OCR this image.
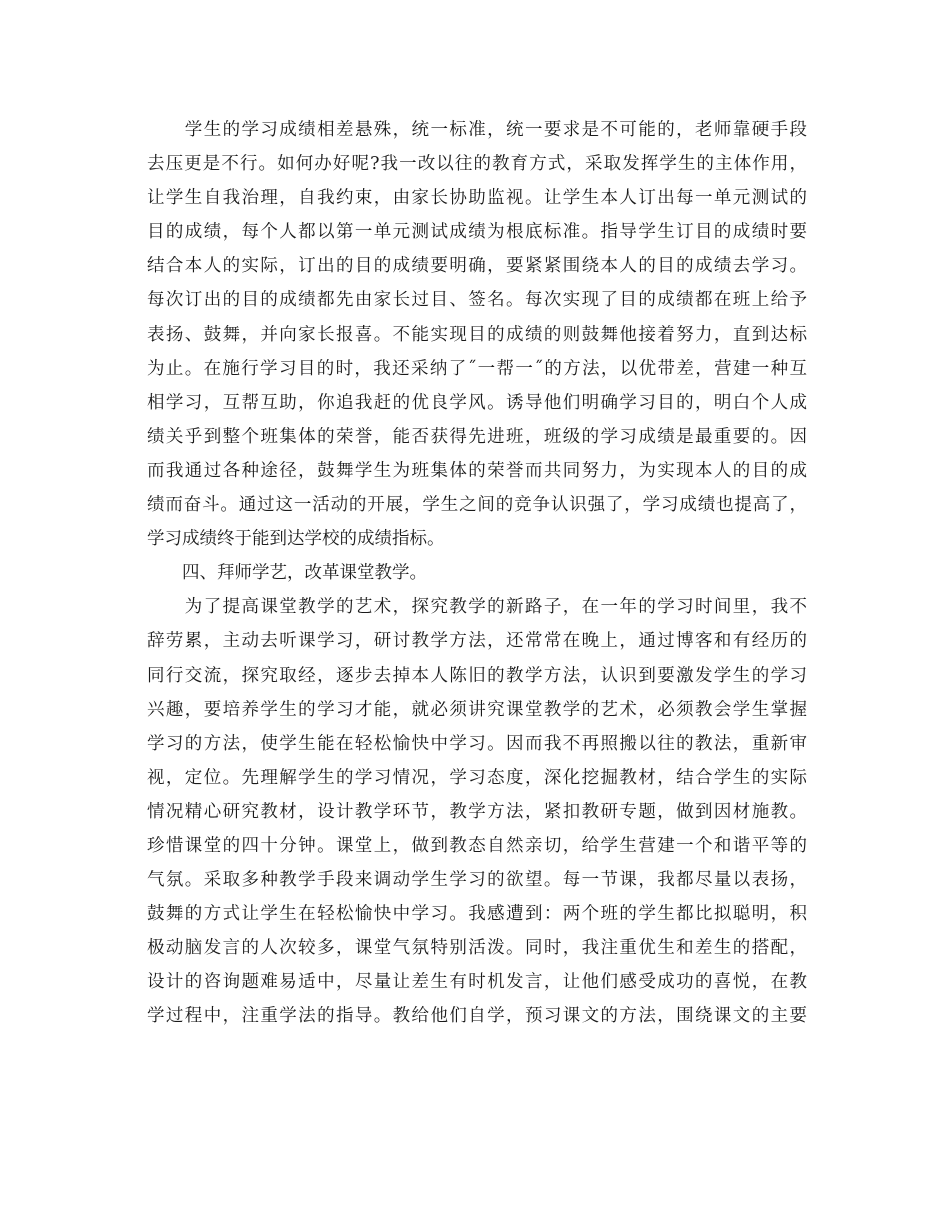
　　学生的学习成绩相差悬殊，统一标准，统一要求是不可能的，老师靠硬手段
去压更是不行。如何办好呢?我一改以往的教育方式，采取发挥学生的主体作用，
让学生自我治理，自我约束，由家长协助监视。让学生本人订出每一单元测试的
目的成绩，每个人都以第一单元测试成绩为根底标准。指导学生订目的成绩时要
结合本人的实际，订出的目的成绩要明确，要紧紧围绕本人的目的成绩去学习。
每次订出的目的成绩都先由家长过目、签名。每次实现了目的成绩都在班上给予
表扬、鼓舞，并向家长报喜。不能实现目的成绩的则鼓舞他接着努力，直到达标
为止。在施行学习目的时，我还采纳了˝一帮一˝的方法，以优带差，营建一种互
相学习，互帮互助，你追我赶的优良学风。诱导他们明确学习目的，明白个人成
绩关乎到整个班集体的荣誉，能否获得先进班，班级的学习成绩是最重要的。因
而我通过各种途径，鼓舞学生为班集体的荣誉而共同努力，为实现本人的目的成
绩而奋斗。通过这一活动的开展，学生之间的竞争认识强了，学习成绩也提高了，
学习成绩终于能到达学校的成绩指标。
　　四、拜师学艺，改革课堂教学。
　　为了提高课堂教学的艺术，探究教学的新路子，在一年的学习时间里，我不
辞劳累，主动去听课学习，研讨教学方法，还常常在晚上，通过博客和有经历的
同行交流，探究取经，逐步去掉本人陈旧的教学方法，认识到要激发学生的学习
兴趣，要培养学生的学习才能，就必须讲究课堂教学的艺术，必须教会学生掌握
学习的方法，使学生能在轻松愉快中学习。因而我不再照搬以往的教法，重新审
视，定位。先理解学生的学习情况，学习态度，深化挖掘教材，结合学生的实际
情况精心研究教材，设计教学环节，教学方法，紧扣教研专题，做到因材施教。
珍惜课堂的四十分钟。课堂上，做到教态自然亲切，给学生营建一个和谐平等的
气氛。采取多种教学手段来调动学生学习的欲望。每一节课，我都尽量以表扬，
鼓舞的方式让学生在轻松愉快中学习。我感遭到：两个班的学生都比拟聪明，积
极动脑发言的人次较多，课堂气氛特别活泼。同时，我注重优生和差生的搭配，
设计的咨询题难易适中，尽量让差生有时机发言，让他们感受成功的喜悦，在教
学过程中，注重学法的指导。教给他们自学，预习课文的方法，围绕课文的主要
